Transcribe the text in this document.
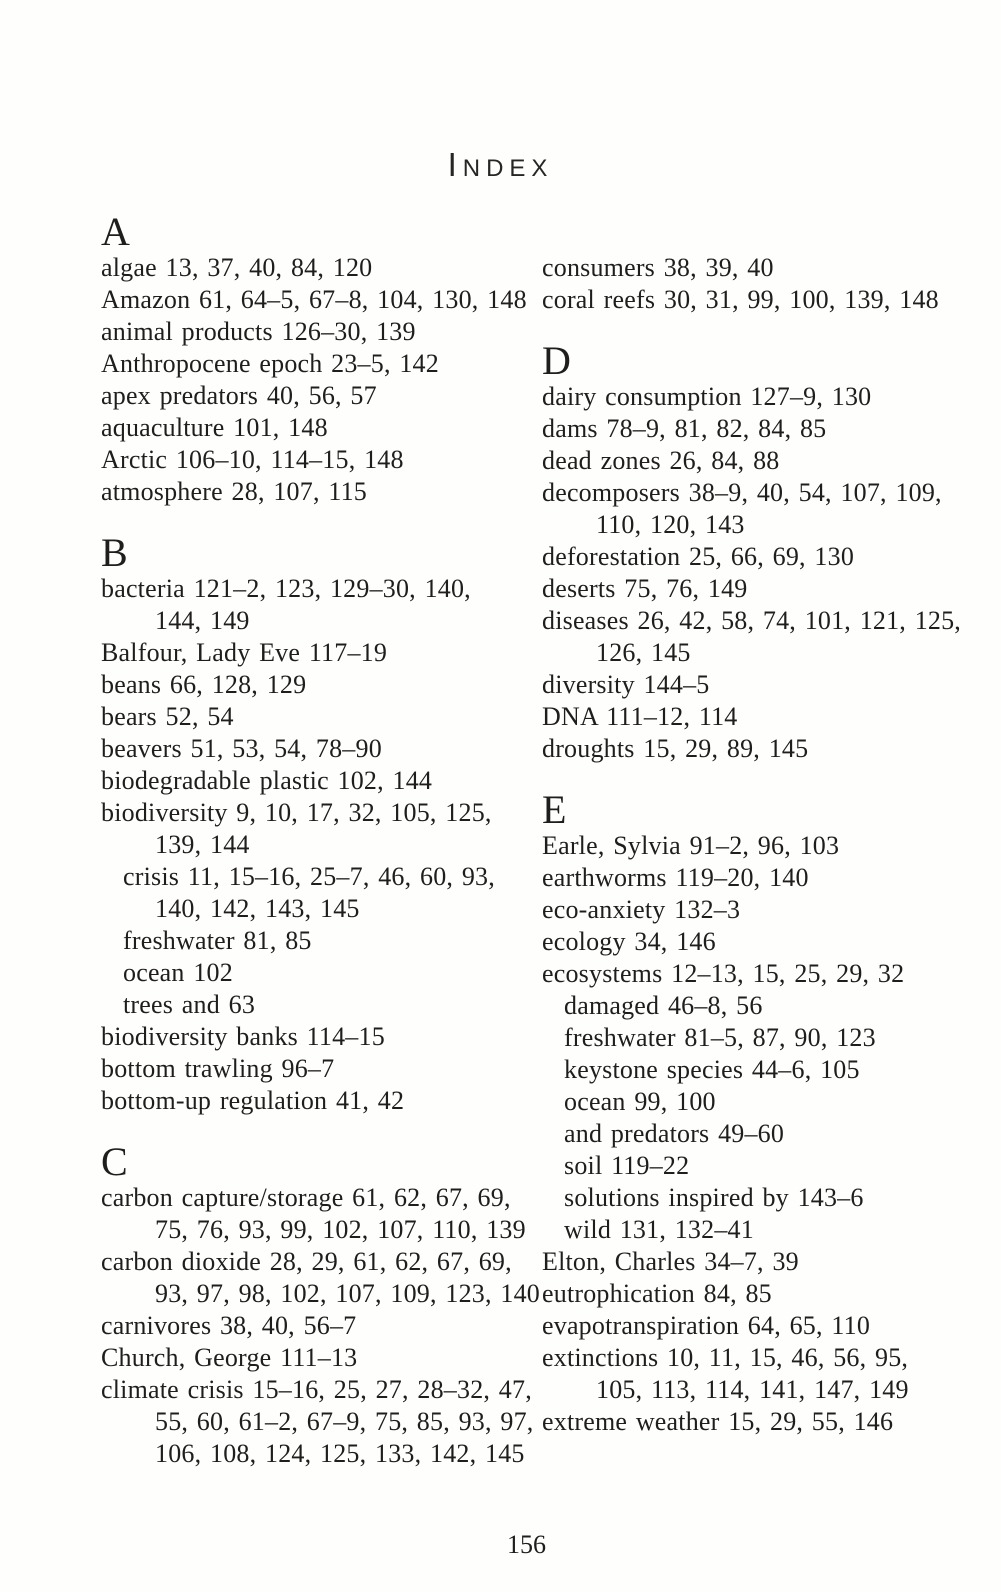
INDEX
A
algae 13, 37, 40, 84, 120
Amazon 61, 64–5, 67–8, 104, 130, 148
animal products 126–30, 139
Anthropocene epoch 23–5, 142
apex predators 40, 56, 57
aquaculture 101, 148
Arctic 106–10, 114–15, 148
atmosphere 28, 107, 115
B
bacteria 121–2, 123, 129–30, 140,
144, 149
Balfour, Lady Eve 117–19
beans 66, 128, 129
bears 52, 54
beavers 51, 53, 54, 78–90
biodegradable plastic 102, 144
biodiversity 9, 10, 17, 32, 105, 125,
139, 144
crisis 11, 15–16, 25–7, 46, 60, 93,
140, 142, 143, 145
freshwater 81, 85
ocean 102
trees and 63
biodiversity banks 114–15
bottom trawling 96–7
bottom-up regulation 41, 42
C
carbon capture/storage 61, 62, 67, 69,
75, 76, 93, 99, 102, 107, 110, 139
carbon dioxide 28, 29, 61, 62, 67, 69,
93, 97, 98, 102, 107, 109, 123, 140
carnivores 38, 40, 56–7
Church, George 111–13
climate crisis 15–16, 25, 27, 28–32, 47,
55, 60, 61–2, 67–9, 75, 85, 93, 97,
106, 108, 124, 125, 133, 142, 145
consumers 38, 39, 40
coral reefs 30, 31, 99, 100, 139, 148
D
dairy consumption 127–9, 130
dams 78–9, 81, 82, 84, 85
dead zones 26, 84, 88
decomposers 38–9, 40, 54, 107, 109,
110, 120, 143
deforestation 25, 66, 69, 130
deserts 75, 76, 149
diseases 26, 42, 58, 74, 101, 121, 125,
126, 145
diversity 144–5
DNA 111–12, 114
droughts 15, 29, 89, 145
E
Earle, Sylvia 91–2, 96, 103
earthworms 119–20, 140
eco-anxiety 132–3
ecology 34, 146
ecosystems 12–13, 15, 25, 29, 32
damaged 46–8, 56
freshwater 81–5, 87, 90, 123
keystone species 44–6, 105
ocean 99, 100
and predators 49–60
soil 119–22
solutions inspired by 143–6
wild 131, 132–41
Elton, Charles 34–7, 39
eutrophication 84, 85
evapotranspiration 64, 65, 110
extinctions 10, 11, 15, 46, 56, 95,
105, 113, 114, 141, 147, 149
extreme weather 15, 29, 55, 146
156
